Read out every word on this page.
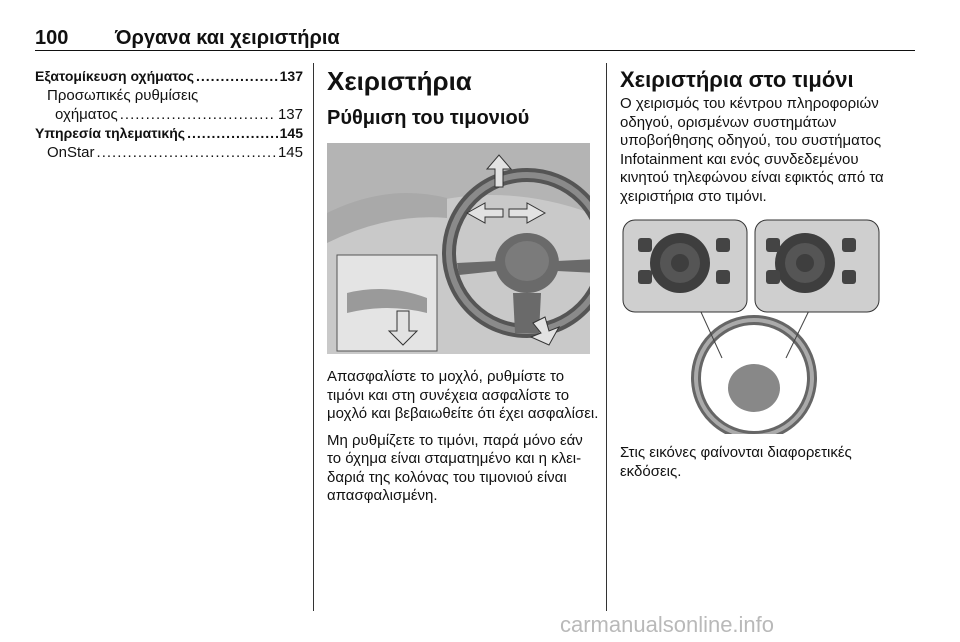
100 Όργανα και χειριστήρια
Εξατομίκευση οχήματος .....	137
Προσωπικές ρυθμίσεις
οχήματος .....	137
Υπηρεσία τηλεματικής .....	145
OnStar .....	145
Χειριστήρια
Ρύθμιση του τιμονιού

Απασφαλίστε το μοχλό, ρυθμίστε το τιμόνι και στη συνέχεια ασφαλίστε το μοχλό και βεβαιωθείτε ότι έχει ασφαλίσει.

Μη ρυθμίζετε το τιμόνι, παρά μόνο εάν το όχημα είναι σταματημένο και η κλειδαριά της κολόνας του τιμονιού είναι απασφαλισμένη.

Χειριστήρια στο τιμόνι

Ο χειρισμός του κέντρου πληροφοριών οδηγού, ορισμένων συστημάτων υποβοήθησης οδηγού, του συστήματος Infotainment και ενός συνδεδεμένου κινητού τηλεφώνου είναι εφικτός από τα χειριστήρια στο τιμόνι.

Στις εικόνες φαίνονται διαφορετικές εκδόσεις.

carmanualsonline.info
